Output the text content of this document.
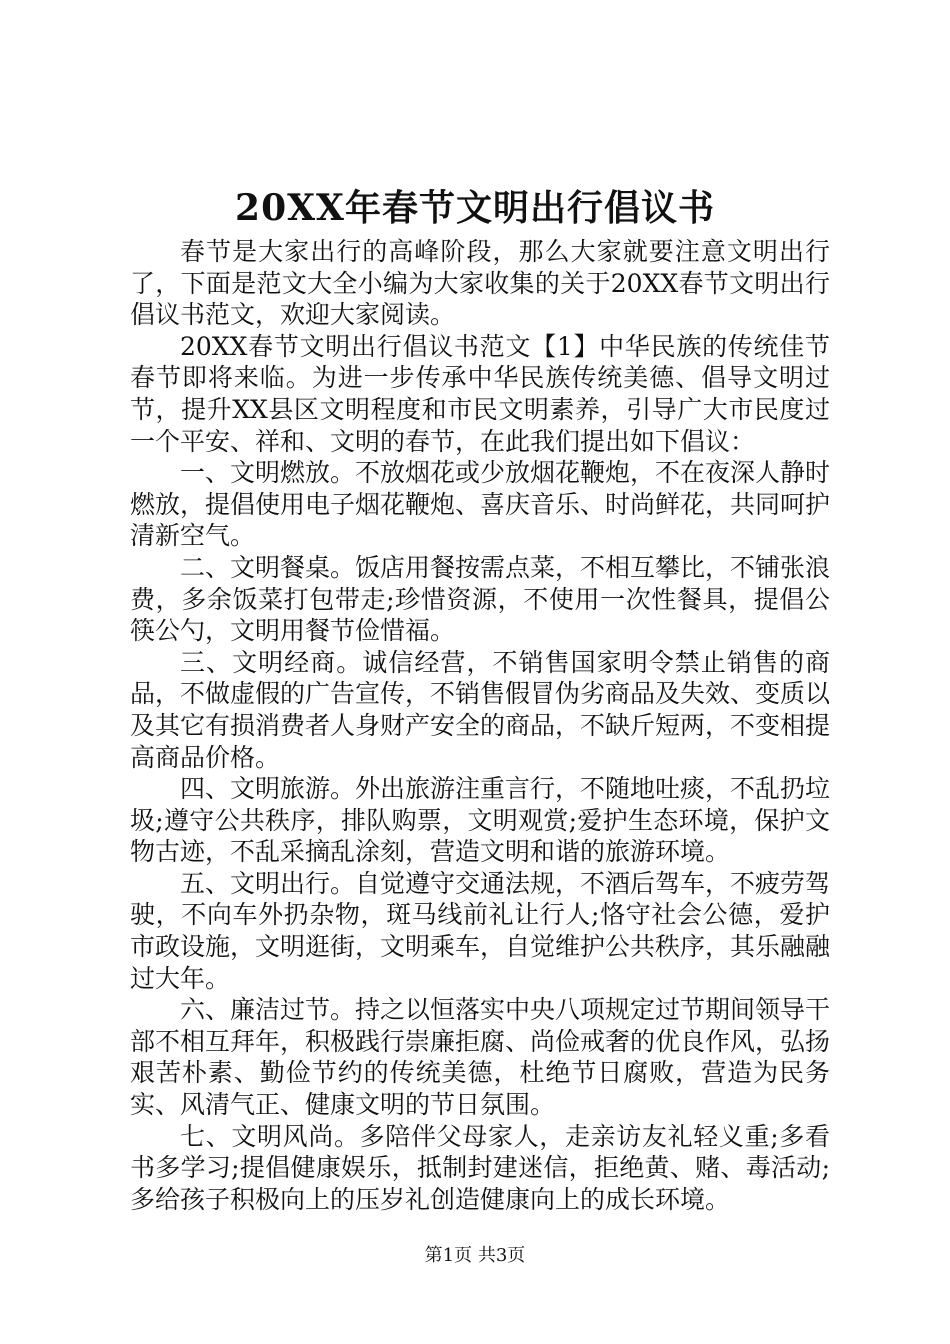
20XX年春节文明出行倡议书

春节是大家出行的高峰阶段，那么大家就要注意文明出行了，下面是范文大全小编为大家收集的关于20XX春节文明出行倡议书范文，欢迎大家阅读。

20XX春节文明出行倡议书范文【1】中华民族的传统佳节春节即将来临。为进一步传承中华民族传统美德、倡导文明过节，提升XX县区文明程度和市民文明素养，引导广大市民度过一个平安、祥和、文明的春节，在此我们提出如下倡议：

一、文明燃放。不放烟花或少放烟花鞭炮，不在夜深人静时燃放，提倡使用电子烟花鞭炮、喜庆音乐、时尚鲜花，共同呵护清新空气。

二、文明餐桌。饭店用餐按需点菜，不相互攀比，不铺张浪费，多余饭菜打包带走;珍惜资源，不使用一次性餐具，提倡公筷公勺，文明用餐节俭惜福。

三、文明经商。诚信经营，不销售国家明令禁止销售的商品，不做虚假的广告宣传，不销售假冒伪劣商品及失效、变质以及其它有损消费者人身财产安全的商品，不缺斤短两，不变相提高商品价格。

四、文明旅游。外出旅游注重言行，不随地吐痰，不乱扔垃圾;遵守公共秩序，排队购票，文明观赏;爱护生态环境，保护文物古迹，不乱采摘乱涂刻，营造文明和谐的旅游环境。

五、文明出行。自觉遵守交通法规，不酒后驾车，不疲劳驾驶，不向车外扔杂物，斑马线前礼让行人;恪守社会公德，爱护市政设施，文明逛街，文明乘车，自觉维护公共秩序，其乐融融过大年。

六、廉洁过节。持之以恒落实中央八项规定过节期间领导干部不相互拜年，积极践行崇廉拒腐、尚俭戒奢的优良作风，弘扬艰苦朴素、勤俭节约的传统美德，杜绝节日腐败，营造为民务实、风清气正、健康文明的节日氛围。

七、文明风尚。多陪伴父母家人，走亲访友礼轻义重;多看书多学习;提倡健康娱乐，抵制封建迷信，拒绝黄、赌、毒活动;多给孩子积极向上的压岁礼创造健康向上的成长环境。

第1页 共3页
